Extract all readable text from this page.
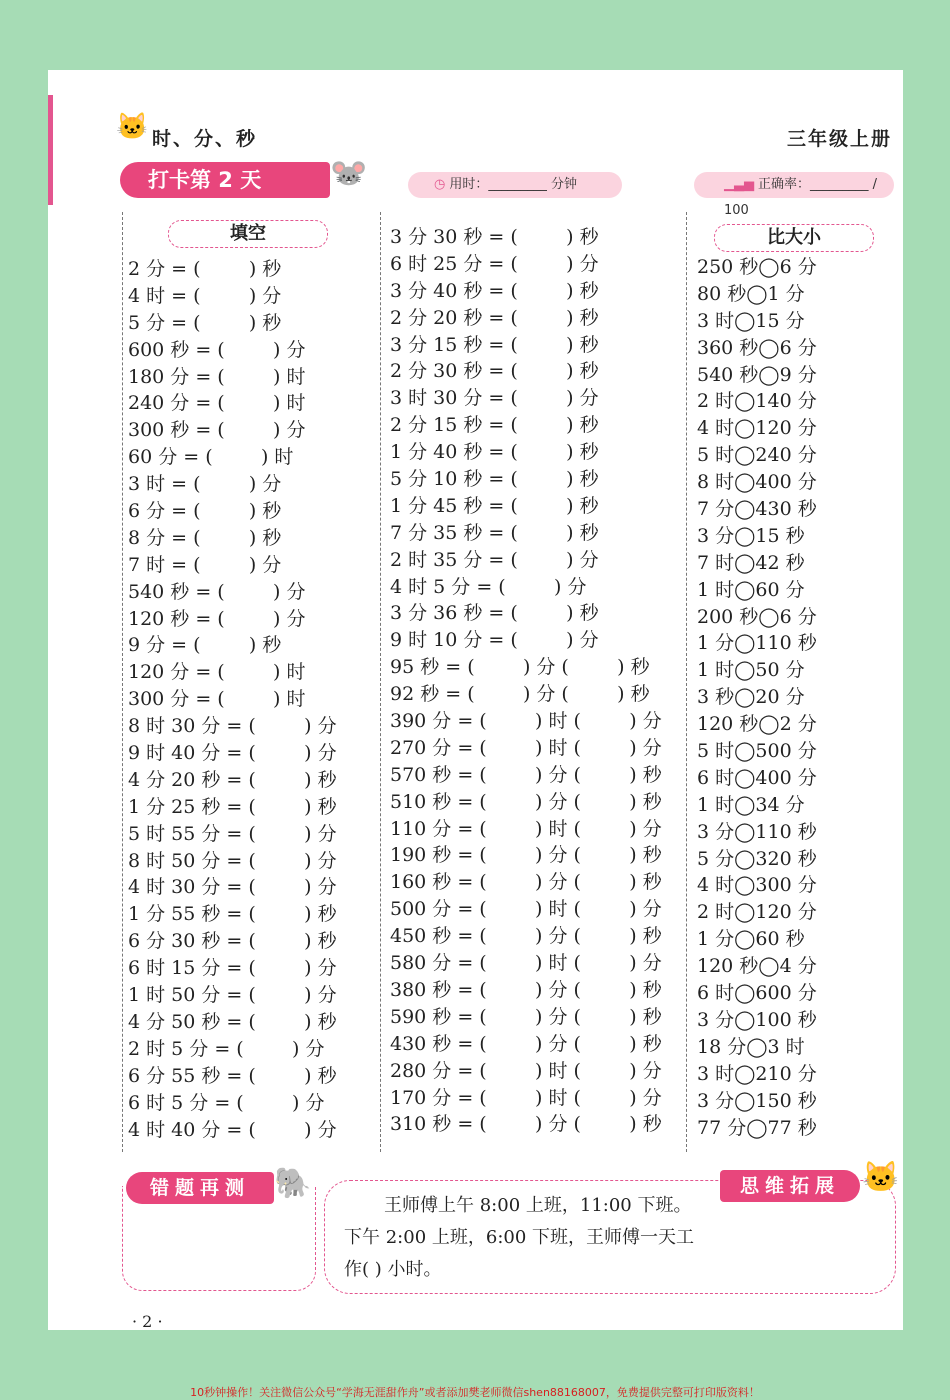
🐱 时、分、秒	三年级上册
打卡第 2 天	🐭	◷ 用时：_________ 分钟	▁▃▅ 正确率：_________ / 100
填空	比大小
2 分 = (        ) 秒
4 时 = (        ) 分
5 分 = (        ) 秒
600 秒 = (        ) 分
180 分 = (        ) 时
240 分 = (        ) 时
300 秒 = (        ) 分
60 分 = (        ) 时
3 时 = (        ) 分
6 分 = (        ) 秒
8 分 = (        ) 秒
7 时 = (        ) 分
540 秒 = (        ) 分
120 秒 = (        ) 分
9 分 = (        ) 秒
120 分 = (        ) 时
300 分 = (        ) 时
8 时 30 分 = (        ) 分
9 时 40 分 = (        ) 分
4 分 20 秒 = (        ) 秒
1 分 25 秒 = (        ) 秒
5 时 55 分 = (        ) 分
8 时 50 分 = (        ) 分
4 时 30 分 = (        ) 分
1 分 55 秒 = (        ) 秒
6 分 30 秒 = (        ) 秒
6 时 15 分 = (        ) 分
1 时 50 分 = (        ) 分
4 分 50 秒 = (        ) 秒
2 时 5 分 = (        ) 分
6 分 55 秒 = (        ) 秒
6 时 5 分 = (        ) 分
4 时 40 分 = (        ) 分
3 分 30 秒 = (        ) 秒
6 时 25 分 = (        ) 分
3 分 40 秒 = (        ) 秒
2 分 20 秒 = (        ) 秒
3 分 15 秒 = (        ) 秒
2 分 30 秒 = (        ) 秒
3 时 30 分 = (        ) 分
2 分 15 秒 = (        ) 秒
1 分 40 秒 = (        ) 秒
5 分 10 秒 = (        ) 秒
1 分 45 秒 = (        ) 秒
7 分 35 秒 = (        ) 秒
2 时 35 分 = (        ) 分
4 时 5 分 = (        ) 分
3 分 36 秒 = (        ) 秒
9 时 10 分 = (        ) 分
95 秒 = (        ) 分 (        ) 秒
92 秒 = (        ) 分 (        ) 秒
390 分 = (        ) 时 (        ) 分
270 分 = (        ) 时 (        ) 分
570 秒 = (        ) 分 (        ) 秒
510 秒 = (        ) 分 (        ) 秒
110 分 = (        ) 时 (        ) 分
190 秒 = (        ) 分 (        ) 秒
160 秒 = (        ) 分 (        ) 秒
500 分 = (        ) 时 (        ) 分
450 秒 = (        ) 分 (        ) 秒
580 分 = (        ) 时 (        ) 分
380 秒 = (        ) 分 (        ) 秒
590 秒 = (        ) 分 (        ) 秒
430 秒 = (        ) 分 (        ) 秒
280 分 = (        ) 时 (        ) 分
170 分 = (        ) 时 (        ) 分
310 秒 = (        ) 分 (        ) 秒
250 秒◯6 分
80 秒◯1 分
3 时◯15 分
360 秒◯6 分
540 秒◯9 分
2 时◯140 分
4 时◯120 分
5 时◯240 分
8 时◯400 分
7 分◯430 秒
3 分◯15 秒
7 时◯42 秒
1 时◯60 分
200 秒◯6 分
1 分◯110 秒
1 时◯50 分
3 秒◯20 分
120 秒◯2 分
5 时◯500 分
6 时◯400 分
1 时◯34 分
3 分◯110 秒
5 分◯320 秒
4 时◯300 分
2 时◯120 分
1 分◯60 秒
120 秒◯4 分
6 时◯600 分
3 分◯100 秒
18 分◯3 时
3 时◯210 分
3 分◯150 秒
77 分◯77 秒
错题再测 🐘	思维拓展 🐱
王师傅上午 8:00 上班，11:00 下班。
下午 2:00 上班，6:00 下班，王师傅一天工
作( ) 小时。
· 2 ·
10秒钟操作！关注微信公众号“学海无涯甜作舟”或者添加樊老师微信shen88168007，免费提供完整可打印版资料！
